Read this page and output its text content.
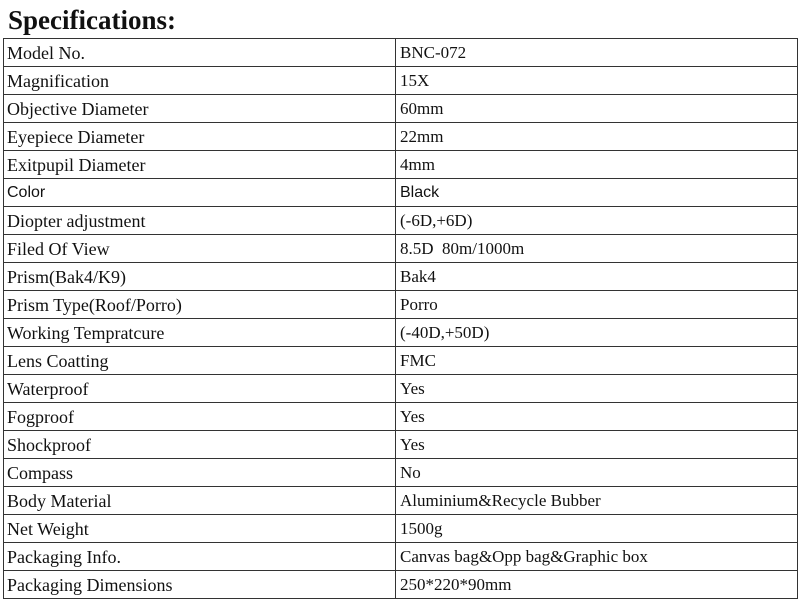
Specifications:
Model No.	BNC-072
Magnification	15X
Objective Diameter	60mm
Eyepiece Diameter	22mm
Exitpupil Diameter	4mm
Color	Black
Diopter adjustment	(-6D,+6D)
Filed Of View	8.5D  80m/1000m
Prism(Bak4/K9)	Bak4
Prism Type(Roof/Porro)	Porro
Working Tempratcure	(-40D,+50D)
Lens Coatting	FMC
Waterproof	Yes
Fogproof	Yes
Shockproof	Yes
Compass	No
Body Material	Aluminium&Recycle Bubber
Net Weight	1500g
Packaging Info.	Canvas bag&Opp bag&Graphic box
Packaging Dimensions	250*220*90mm
